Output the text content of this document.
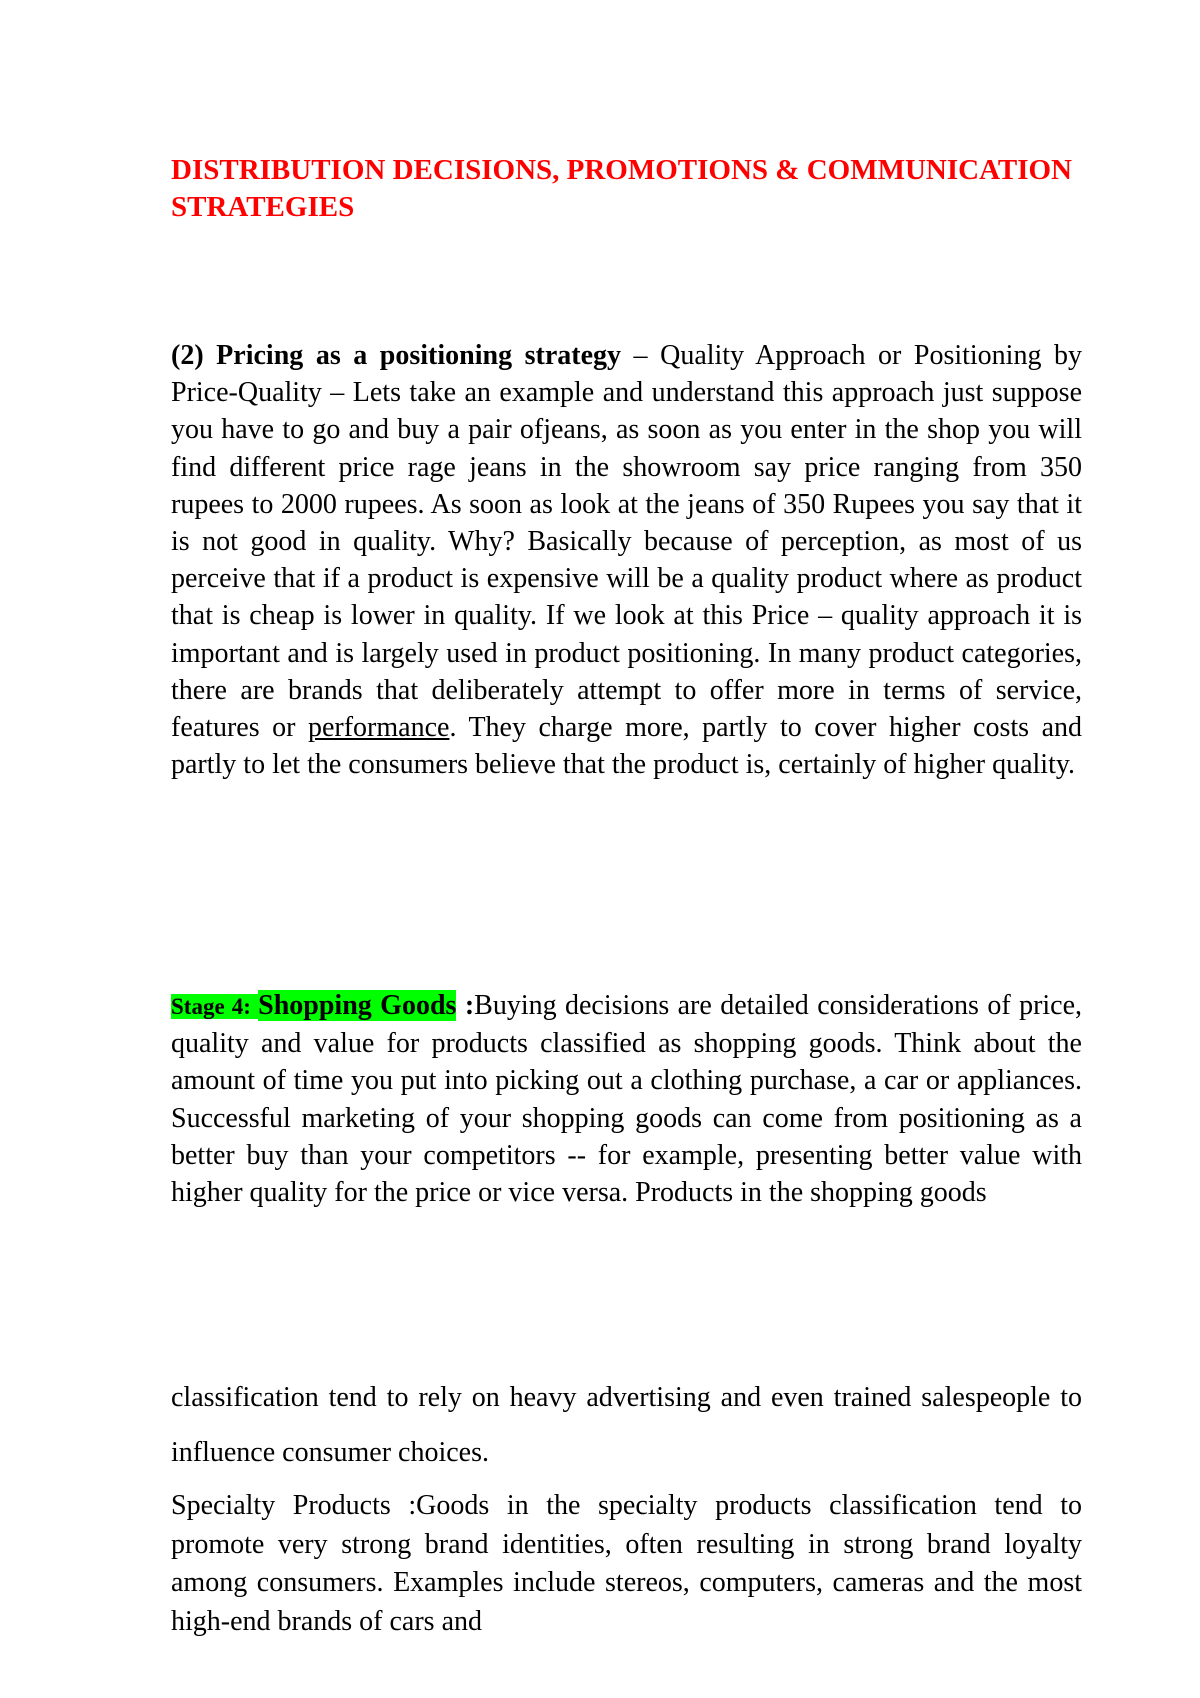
DISTRIBUTION DECISIONS, PROMOTIONS & COMMUNICATION STRATEGIES

(2) Pricing as a positioning strategy – Quality Approach or Positioning by Price-Quality – Lets take an example and understand this approach just suppose you have to go and buy a pair ofjeans, as soon as you enter in the shop you will find different price rage jeans in the showroom say price ranging from 350 rupees to 2000 rupees. As soon as look at the jeans of 350 Rupees you say that it is not good in quality. Why? Basically because of perception, as most of us perceive that if a product is expensive will be a quality product where as product that is cheap is lower in quality. If we look at this Price – quality approach it is important and is largely used in product positioning. In many product categories, there are brands that deliberately attempt to offer more in terms of service, features or performance. They charge more, partly to cover higher costs and partly to let the consumers believe that the product is, certainly of higher quality.

Stage 4: Shopping Goods :Buying decisions are detailed considerations of price, quality and value for products classified as shopping goods. Think about the amount of time you put into picking out a clothing purchase, a car or appliances. Successful marketing of your shopping goods can come from positioning as a better buy than your competitors -- for example, presenting better value with higher quality for the price or vice versa. Products in the shopping goods

classification tend to rely on heavy advertising and even trained salespeople to influence consumer choices.

Specialty Products :Goods in the specialty products classification tend to promote very strong brand identities, often resulting in strong brand loyalty among consumers. Examples include stereos, computers, cameras and the most high-end brands of cars and
